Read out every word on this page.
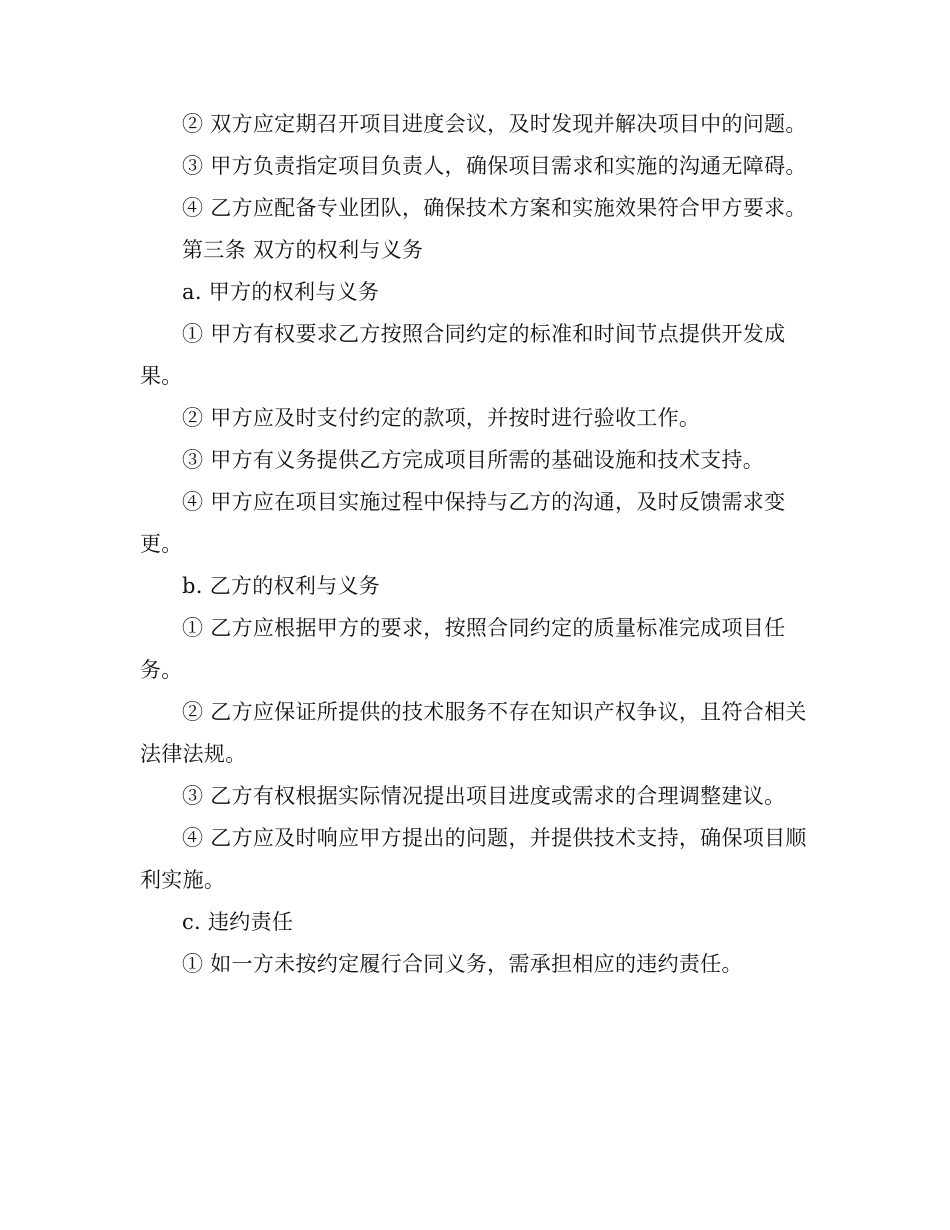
② 双方应定期召开项目进度会议，及时发现并解决项目中的问题。

③ 甲方负责指定项目负责人，确保项目需求和实施的沟通无障碍。

④ 乙方应配备专业团队，确保技术方案和实施效果符合甲方要求。

第三条 双方的权利与义务

a. 甲方的权利与义务

① 甲方有权要求乙方按照合同约定的标准和时间节点提供开发成果。

② 甲方应及时支付约定的款项，并按时进行验收工作。

③ 甲方有义务提供乙方完成项目所需的基础设施和技术支持。

④ 甲方应在项目实施过程中保持与乙方的沟通，及时反馈需求变更。

b. 乙方的权利与义务

① 乙方应根据甲方的要求，按照合同约定的质量标准完成项目任务。

② 乙方应保证所提供的技术服务不存在知识产权争议，且符合相关法律法规。

③ 乙方有权根据实际情况提出项目进度或需求的合理调整建议。

④ 乙方应及时响应甲方提出的问题，并提供技术支持，确保项目顺利实施。

c. 违约责任

① 如一方未按约定履行合同义务，需承担相应的违约责任。
